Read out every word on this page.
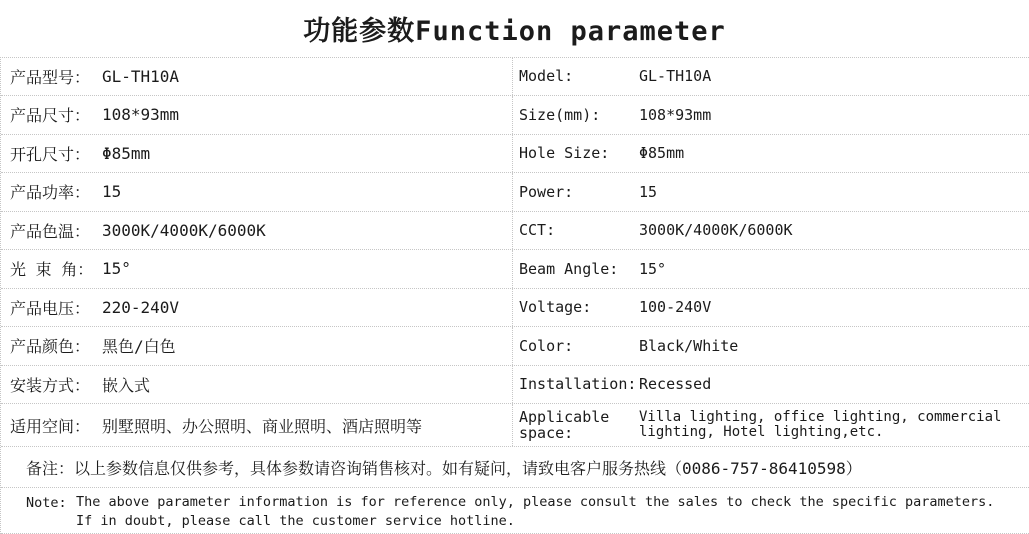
功能参数Function parameter
产品型号： GL-TH10A	Model:	GL-TH10A
产品尺寸： 108*93mm	Size(mm):	108*93mm
开孔尺寸： Φ85mm	Hole Size:	Φ85mm
产品功率： 15	Power:	15
产品色温： 3000K/4000K/6000K	CCT:	3000K/4000K/6000K
光 束 角： 15°	Beam Angle:	15°
产品电压： 220-240V	Voltage:	100-240V
产品颜色： 黑色/白色	Color:	Black/White
安装方式： 嵌入式	Installation: Recessed
适用空间： 别墅照明、办公照明、商业照明、酒店照明等	Applicable space:
Villa lighting, office lighting, commercial lighting, Hotel lighting,etc.
备注： 以上参数信息仅供参考，具体参数请咨询销售核对。如有疑问，请致电客户服务热线（0086-757-86410598）
Note: The above parameter information is for reference only, please consult the sales to check the specific parameters.
If in doubt, please call the customer service hotline.
